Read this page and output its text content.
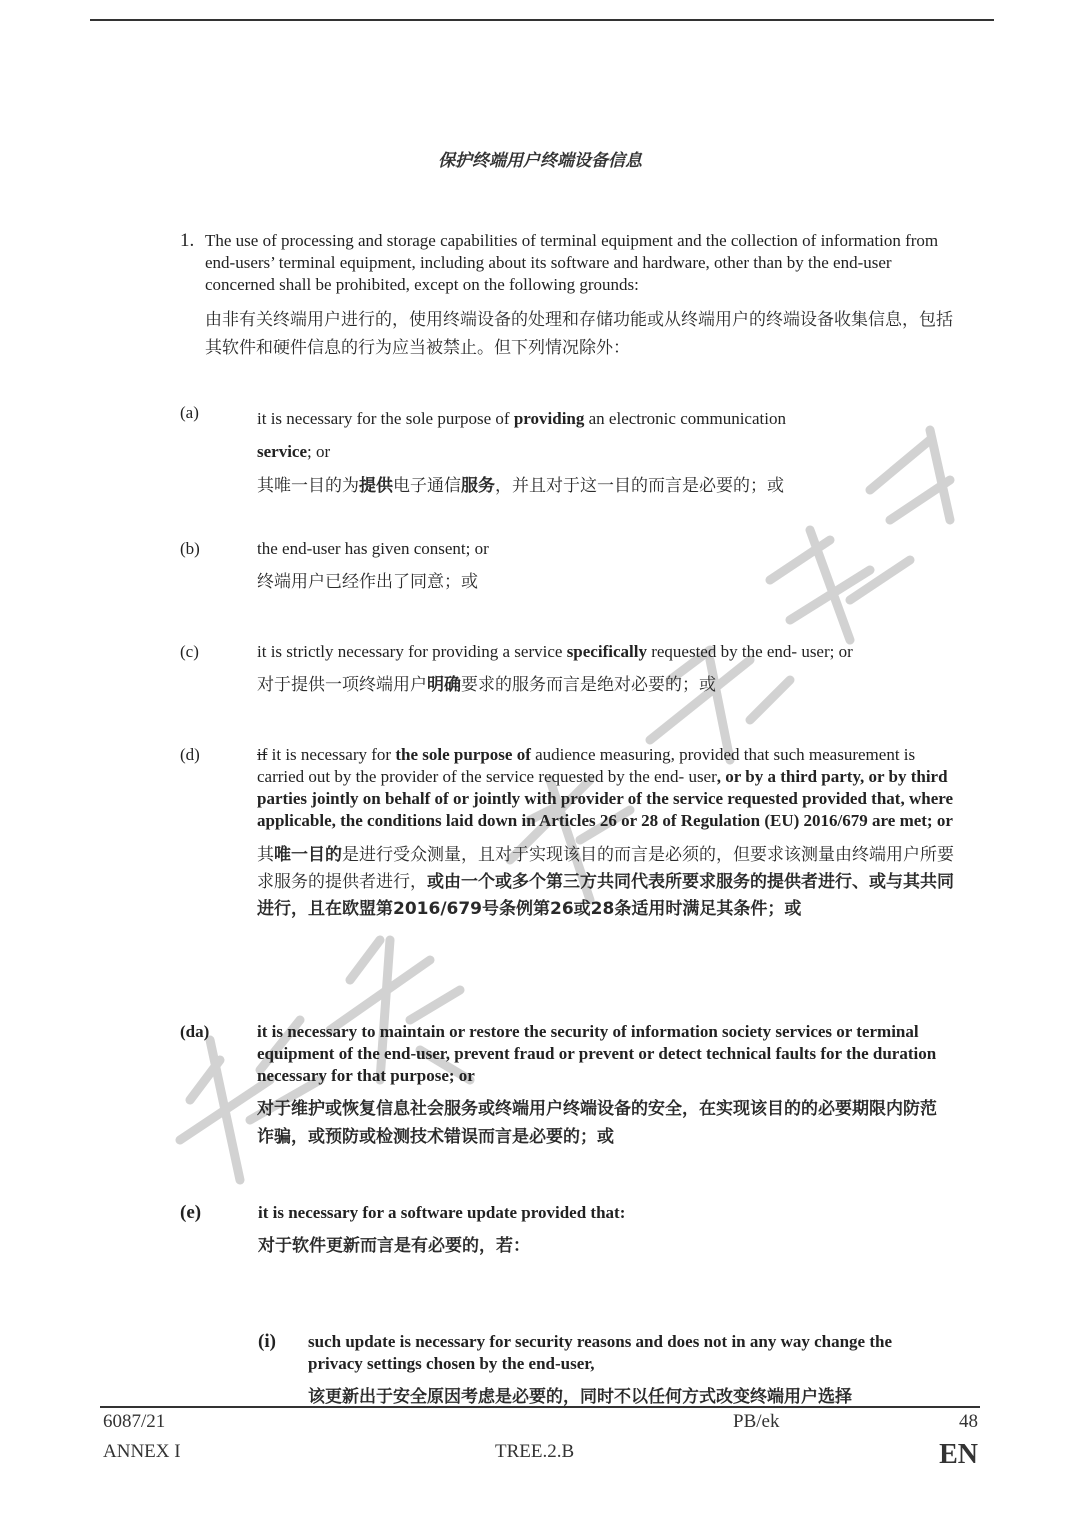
保护终端用户终端设备信息
1. The use of processing and storage capabilities of terminal equipment and the collection of information from end-users’ terminal equipment, including about its software and hardware, other than by the end-user concerned shall be prohibited, except on the following grounds:

由非有关终端用户进行的，使用终端设备的处理和存储功能或从终端用户的终端设备收集信息，包括其软件和硬件信息的行为应当被禁止。但下列情况除外：

(a)	it is necessary for the sole purpose of providing an electronic communication
service; or

其唯一目的为提供电子通信服务，并且对于这一目的而言是必要的；或

(b)	the end-user has given consent; or

终端用户已经作出了同意；或

(c)	it is strictly necessary for providing a service specifically requested by the end- user; or

对于提供一项终端用户明确要求的服务而言是绝对必要的；或

(d)	if it is necessary for the sole purpose of audience measuring, provided that such measurement is carried out by the provider of the service requested by the end- user, or by a third party, or by third parties jointly on behalf of or jointly with provider of the service requested provided that, where applicable, the conditions laid down in Articles 26 or 28 of Regulation (EU) 2016/679 are met; or

其唯一目的是进行受众测量，且对于实现该目的而言是必须的，但要求该测量由终端用户所要求服务的提供者进行，或由一个或多个第三方共同代表所要求服务的提供者进行、或与其共同进行，且在欧盟第2016/679号条例第26或28条适用时满足其条件；或

(da)	it is necessary to maintain or restore the security of information society services or terminal equipment of the end-user, prevent fraud or prevent or detect technical faults for the duration necessary for that purpose; or

对于维护或恢复信息社会服务或终端用户终端设备的安全，在实现该目的的必要期限内防范诈骗，或预防或检测技术错误而言是必要的；或

(e)	it is necessary for a software update provided that:

对于软件更新而言是有必要的，若：

(i) such update is necessary for security reasons and does not in any way change the privacy settings chosen by the end-user,

该更新出于安全原因考虑是必要的，同时不以任何方式改变终端用户选择

6087/21
ANNEX I
PB/ek
TREE.2.B
48
EN
